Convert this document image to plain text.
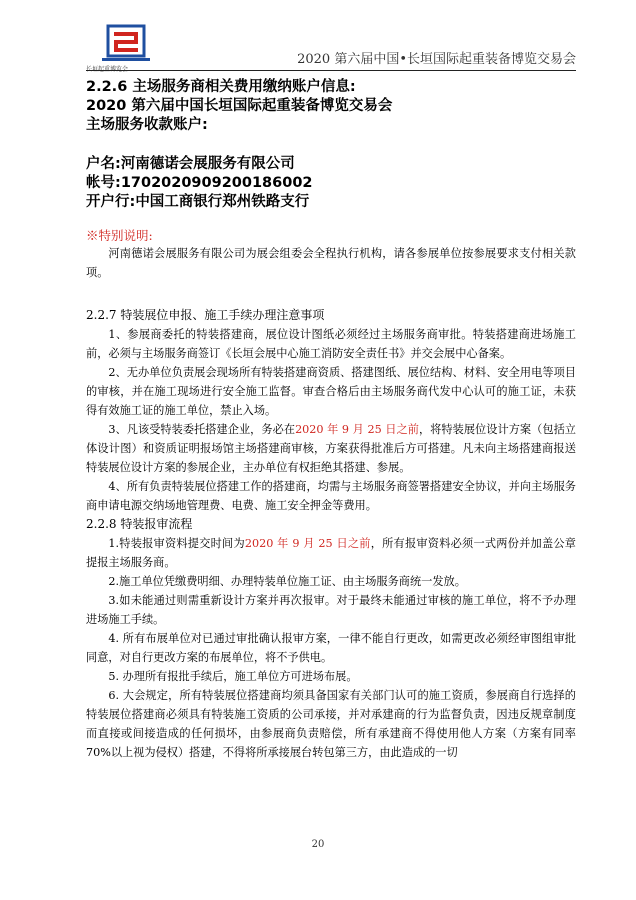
长垣起重博览会
2020 第六届中国•长垣国际起重装备博览交易会
2.2.6 主场服务商相关费用缴纳账户信息:
2020 第六届中国长垣国际起重装备博览交易会
主场服务收款账户:
户名:河南德诺会展服务有限公司
帐号:1702020909200186002
开户行:中国工商银行郑州铁路支行
※特别说明:

河南德诺会展服务有限公司为展会组委会全程执行机构，请各参展单位按参展要求支付相关款项。

2.2.7 特装展位申报、施工手续办理注意事项

1、参展商委托的特装搭建商，展位设计图纸必须经过主场服务商审批。特装搭建商进场施工前，必须与主场服务商签订《长垣会展中心施工消防安全责任书》并交会展中心备案。

2、无办单位负责展会现场所有特装搭建商资质、搭建图纸、展位结构、材料、安全用电等项目的审核，并在施工现场进行安全施工监督。审查合格后由主场服务商代发中心认可的施工证，未获得有效施工证的施工单位，禁止入场。

3、凡该受特装委托搭建企业，务必在2020 年 9 月 25 日之前，将特装展位设计方案（包括立体设计图）和资质证明报场馆主场搭建商审核，方案获得批准后方可搭建。凡未向主场搭建商报送特装展位设计方案的参展企业，主办单位有权拒绝其搭建、参展。

4、所有负责特装展位搭建工作的搭建商，均需与主场服务商签署搭建安全协议，并向主场服务商申请电源交纳场地管理费、电费、施工安全押金等费用。

2.2.8 特装报审流程

1.特装报审资料提交时间为2020 年 9 月 25 日之前，所有报审资料必须一式两份并加盖公章提报主场服务商。

2.施工单位凭缴费明细、办理特装单位施工证、由主场服务商统一发放。

3.如未能通过则需重新设计方案并再次报审。对于最终未能通过审核的施工单位，将不予办理进场施工手续。

4. 所有布展单位对已通过审批确认报审方案，一律不能自行更改，如需更改必须经审图组审批同意，对自行更改方案的布展单位，将不予供电。

5. 办理所有报批手续后，施工单位方可进场布展。

6. 大会规定，所有特装展位搭建商均须具备国家有关部门认可的施工资质，参展商自行选择的特装展位搭建商必须具有特装施工资质的公司承接，并对承建商的行为监督负责，因违反规章制度 而直接或间接造成的任何损坏，由参展商负责赔偿，所有承建商不得使用他人方案（方案有同率70%以上视为侵权）搭建，不得将所承接展台转包第三方，由此造成的一切

20
